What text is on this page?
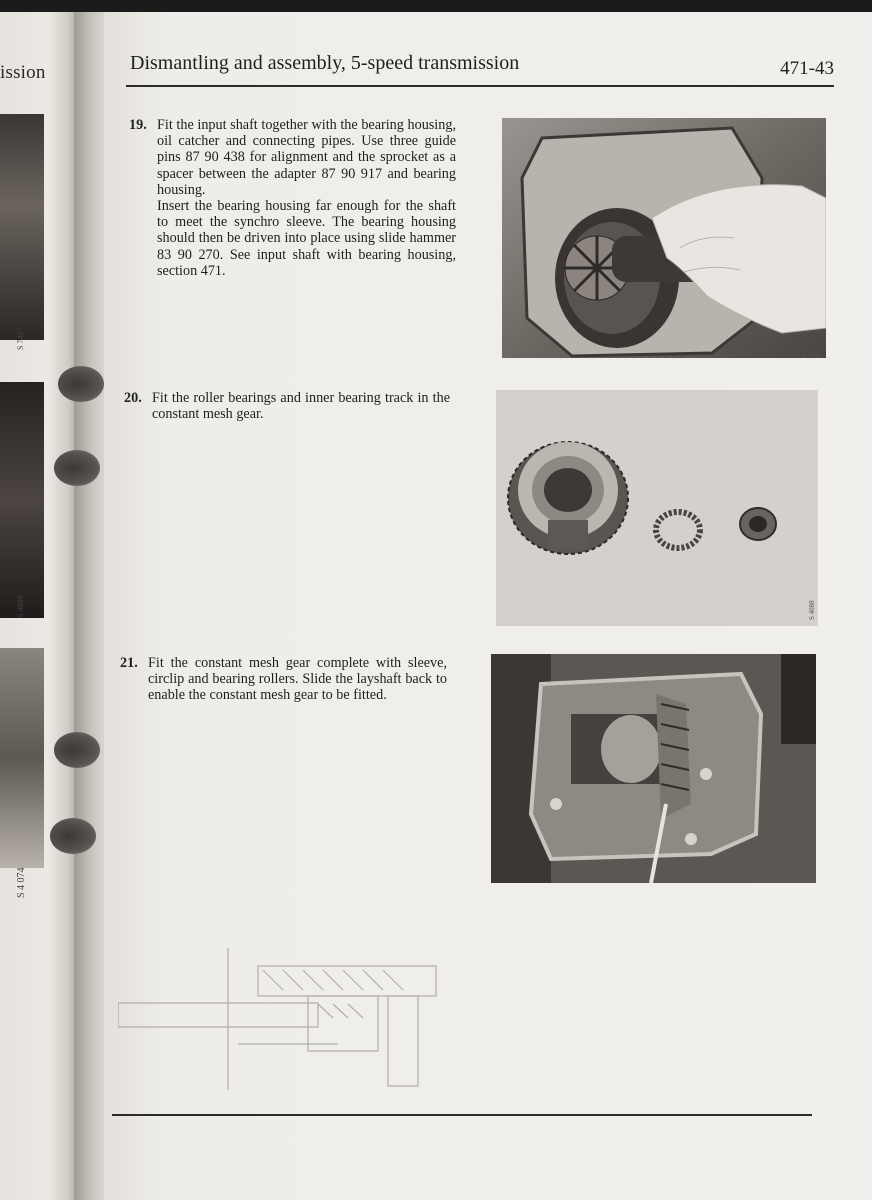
ission
S 7407
S 4089
S 4 074
Dismantling and assembly, 5-speed transmission	471-43
19. Fit the input shaft together with the bearing housing, oil catcher and connecting pipes. Use three guide pins 87 90 438 for alignment and the sprocket as a spacer between the adapter 87 90 917 and bearing housing.

Insert the bearing housing far enough for the shaft to meet the synchro sleeve. The bearing housing should then be driven into place using slide hammer 83 90 270. See input shaft with bearing housing, section 471.

S 7386
20. Fit the roller bearings and inner bearing track in the constant mesh gear.

S 4088
21. Fit the constant mesh gear complete with sleeve, circlip and bearing rollers. Slide the layshaft back to enable the constant mesh gear to be fitted.

S 4703
